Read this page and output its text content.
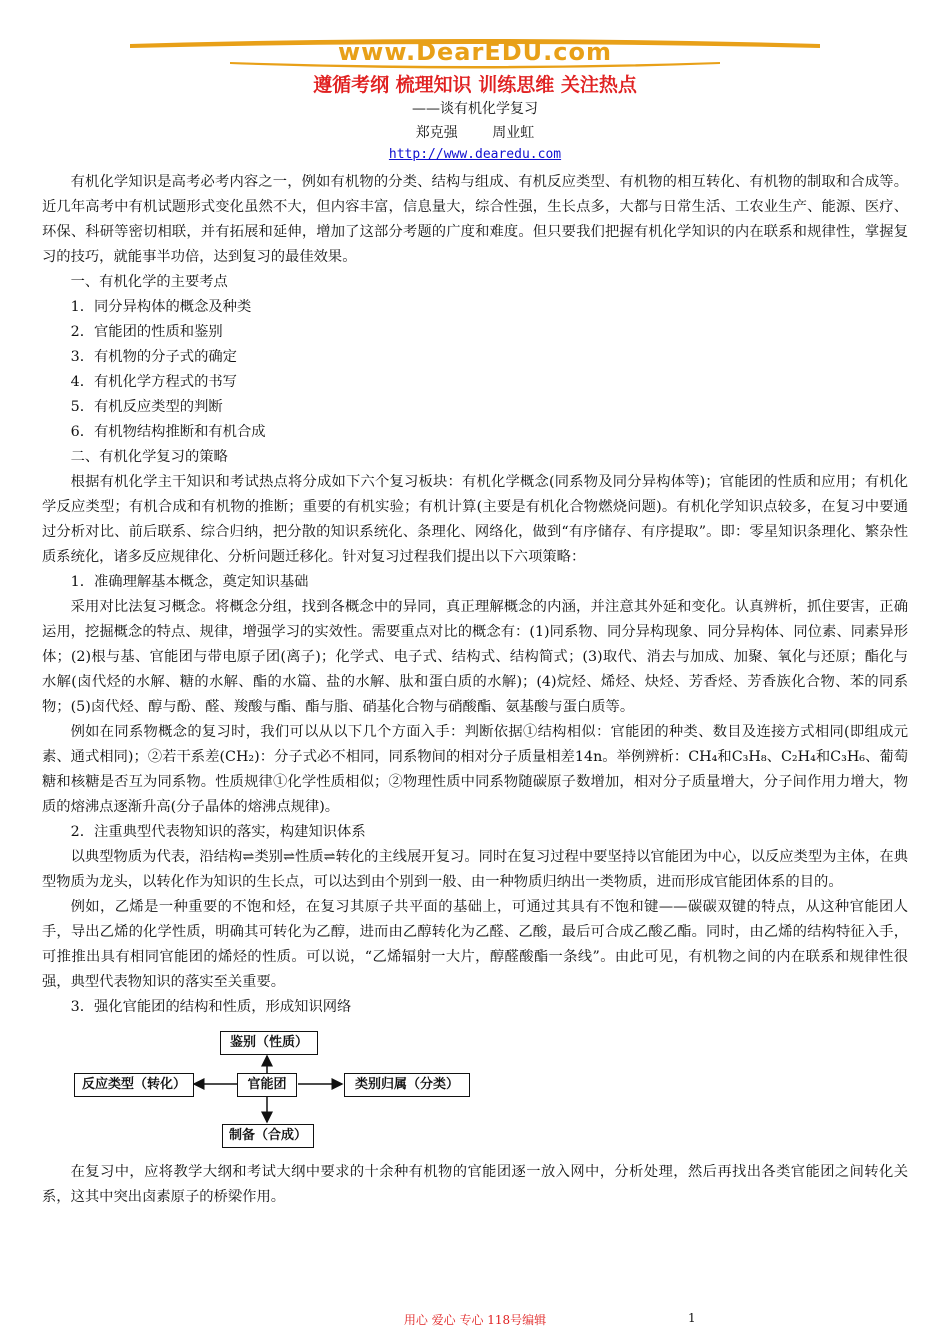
www.DearEDU.com
遵循考纲 梳理知识 训练思维 关注热点
——谈有机化学复习
郑克强 周业虹
http://www.dearedu.com

有机化学知识是高考必考内容之一，例如有机物的分类、结构与组成、有机反应类型、有机物的相互转化、有机物的制取和合成等。近几年高考中有机试题形式变化虽然不大，但内容丰富，信息量大，综合性强，生长点多，大都与日常生活、工农业生产、能源、医疗、环保、科研等密切相联，并有拓展和延伸，增加了这部分考题的广度和难度。但只要我们把握有机化学知识的内在联系和规律性，掌握复习的技巧，就能事半功倍，达到复习的最佳效果。

一、有机化学的主要考点

1．同分异构体的概念及种类

2．官能团的性质和鉴别

3．有机物的分子式的确定

4．有机化学方程式的书写

5．有机反应类型的判断

6．有机物结构推断和有机合成

二、有机化学复习的策略

根据有机化学主干知识和考试热点将分成如下六个复习板块：有机化学概念(同系物及同分异构体等)；官能团的性质和应用；有机化学反应类型；有机合成和有机物的推断；重要的有机实验；有机计算(主要是有机化合物燃烧问题)。有机化学知识点较多，在复习中要通过分析对比、前后联系、综合归纳，把分散的知识系统化、条理化、网络化，做到“有序储存、有序提取”。即：零星知识条理化、繁杂性质系统化，诸多反应规律化、分析问题迁移化。针对复习过程我们提出以下六项策略：

1．准确理解基本概念，奠定知识基础

采用对比法复习概念。将概念分组，找到各概念中的异同，真正理解概念的内涵，并注意其外延和变化。认真辨析，抓住要害，正确运用，挖掘概念的特点、规律，增强学习的实效性。需要重点对比的概念有：(1)同系物、同分异构现象、同分异构体、同位素、同素异形体；(2)根与基、官能团与带电原子团(离子)；化学式、电子式、结构式、结构简式；(3)取代、消去与加成、加聚、氧化与还原；酯化与水解(卤代烃的水解、糖的水解、酯的水篇、盐的水解、肽和蛋白质的水解)；(4)烷烃、烯烃、炔烃、芳香烃、芳香族化合物、苯的同系物；(5)卤代烃、醇与酚、醛、羧酸与酯、酯与脂、硝基化合物与硝酸酯、氨基酸与蛋白质等。

例如在同系物概念的复习时，我们可以从以下几个方面入手：判断依据①结构相似：官能团的种类、数目及连接方式相同(即组成元素、通式相同)；②若干系差(CH₂)：分子式必不相同，同系物间的相对分子质量相差14n。举例辨析：CH₄和C₃H₈、C₂H₄和C₃H₆、葡萄糖和核糖是否互为同系物。性质规律①化学性质相似；②物理性质中同系物随碳原子数增加，相对分子质量增大，分子间作用力增大，物质的熔沸点逐渐升高(分子晶体的熔沸点规律)。

2．注重典型代表物知识的落实，构建知识体系

以典型物质为代表，沿结构⇌类别⇌性质⇌转化的主线展开复习。同时在复习过程中要坚持以官能团为中心，以反应类型为主体，在典型物质为龙头，以转化作为知识的生长点，可以达到由个别到一般、由一种物质归纳出一类物质，进而形成官能团体系的目的。

例如，乙烯是一种重要的不饱和烃，在复习其原子共平面的基础上，可通过其具有不饱和键——碳碳双键的特点，从这种官能团人手，导出乙烯的化学性质，明确其可转化为乙醇，进而由乙醇转化为乙醛、乙酸，最后可合成乙酸乙酯。同时，由乙烯的结构特征入手，可推推出具有相同官能团的烯烃的性质。可以说，“乙烯辐射一大片，醇醛酸酯一条线”。由此可见，有机物之间的内在联系和规律性很强，典型代表物知识的落实至关重要。

3．强化官能团的结构和性质，形成知识网络

鉴别（性质）
反应类型（转化）	官能团	类别归属（分类）
制备（合成）

在复习中，应将教学大纲和考试大纲中要求的十余种有机物的官能团逐一放入网中，分析处理，然后再找出各类官能团之间转化关系，这其中突出卤素原子的桥梁作用。

用心 爱心 专心 118号编辑	1
